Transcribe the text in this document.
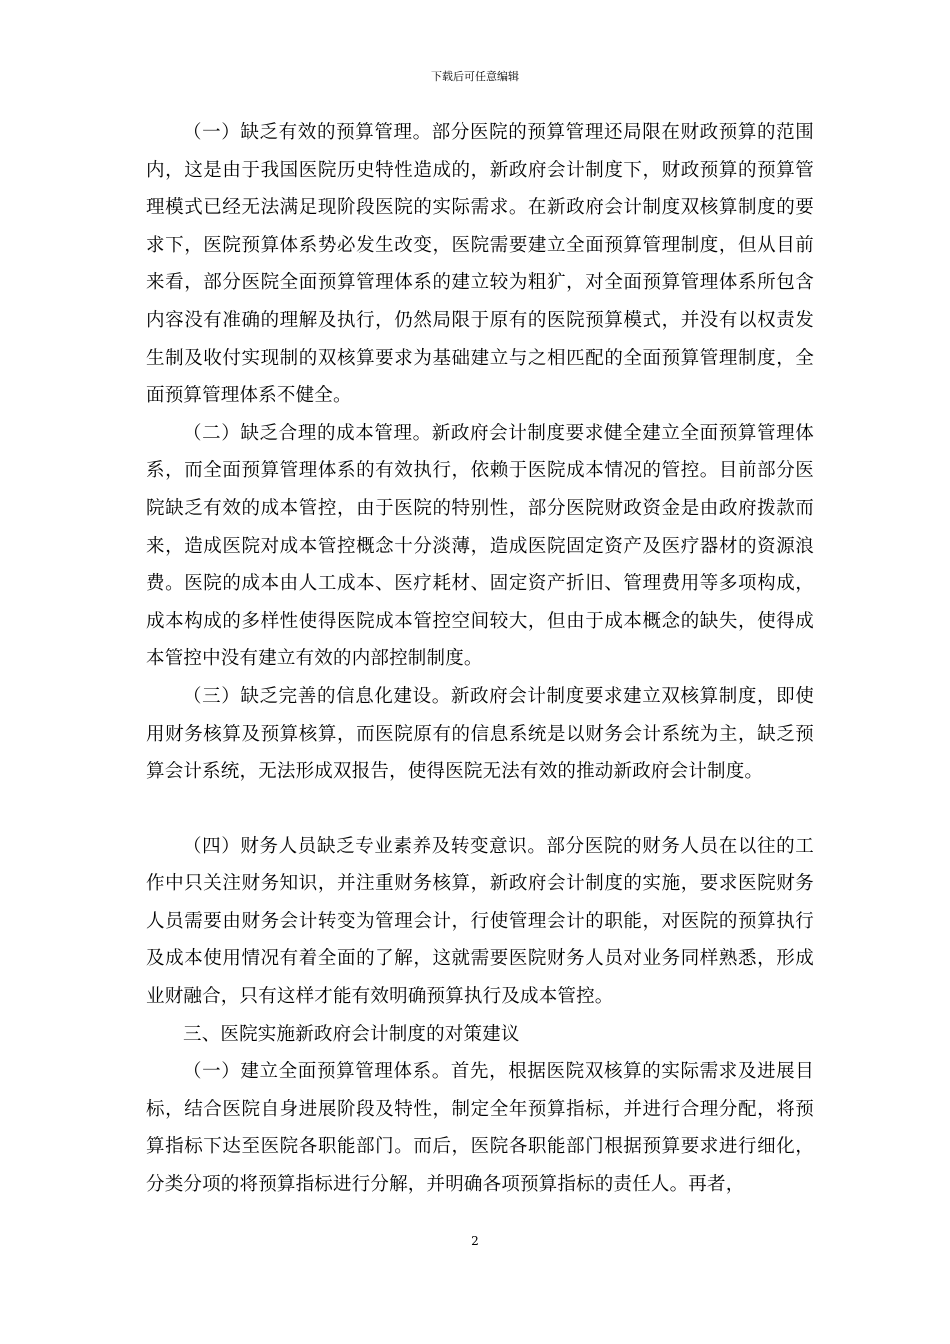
下载后可任意编辑

（一）缺乏有效的预算管理。部分医院的预算管理还局限在财政预算的范围内，这是由于我国医院历史特性造成的，新政府会计制度下，财政预算的预算管理模式已经无法满足现阶段医院的实际需求。在新政府会计制度双核算制度的要求下，医院预算体系势必发生改变，医院需要建立全面预算管理制度，但从目前来看，部分医院全面预算管理体系的建立较为粗犷，对全面预算管理体系所包含内容没有准确的理解及执行，仍然局限于原有的医院预算模式，并没有以权责发生制及收付实现制的双核算要求为基础建立与之相匹配的全面预算管理制度，全面预算管理体系不健全。

（二）缺乏合理的成本管理。新政府会计制度要求健全建立全面预算管理体系，而全面预算管理体系的有效执行，依赖于医院成本情况的管控。目前部分医院缺乏有效的成本管控，由于医院的特别性，部分医院财政资金是由政府拨款而来，造成医院对成本管控概念十分淡薄，造成医院固定资产及医疗器材的资源浪费。医院的成本由人工成本、医疗耗材、固定资产折旧、管理费用等多项构成，成本构成的多样性使得医院成本管控空间较大，但由于成本概念的缺失，使得成本管控中没有建立有效的内部控制制度。

（三）缺乏完善的信息化建设。新政府会计制度要求建立双核算制度，即使用财务核算及预算核算，而医院原有的信息系统是以财务会计系统为主，缺乏预算会计系统，无法形成双报告，使得医院无法有效的推动新政府会计制度。

（四）财务人员缺乏专业素养及转变意识。部分医院的财务人员在以往的工作中只关注财务知识，并注重财务核算，新政府会计制度的实施，要求医院财务人员需要由财务会计转变为管理会计，行使管理会计的职能，对医院的预算执行及成本使用情况有着全面的了解，这就需要医院财务人员对业务同样熟悉，形成业财融合，只有这样才能有效明确预算执行及成本管控。

三、医院实施新政府会计制度的对策建议

（一）建立全面预算管理体系。首先，根据医院双核算的实际需求及进展目标，结合医院自身进展阶段及特性，制定全年预算指标，并进行合理分配，将预算指标下达至医院各职能部门。而后，医院各职能部门根据预算要求进行细化，分类分项的将预算指标进行分解，并明确各项预算指标的责任人。再者，

2
